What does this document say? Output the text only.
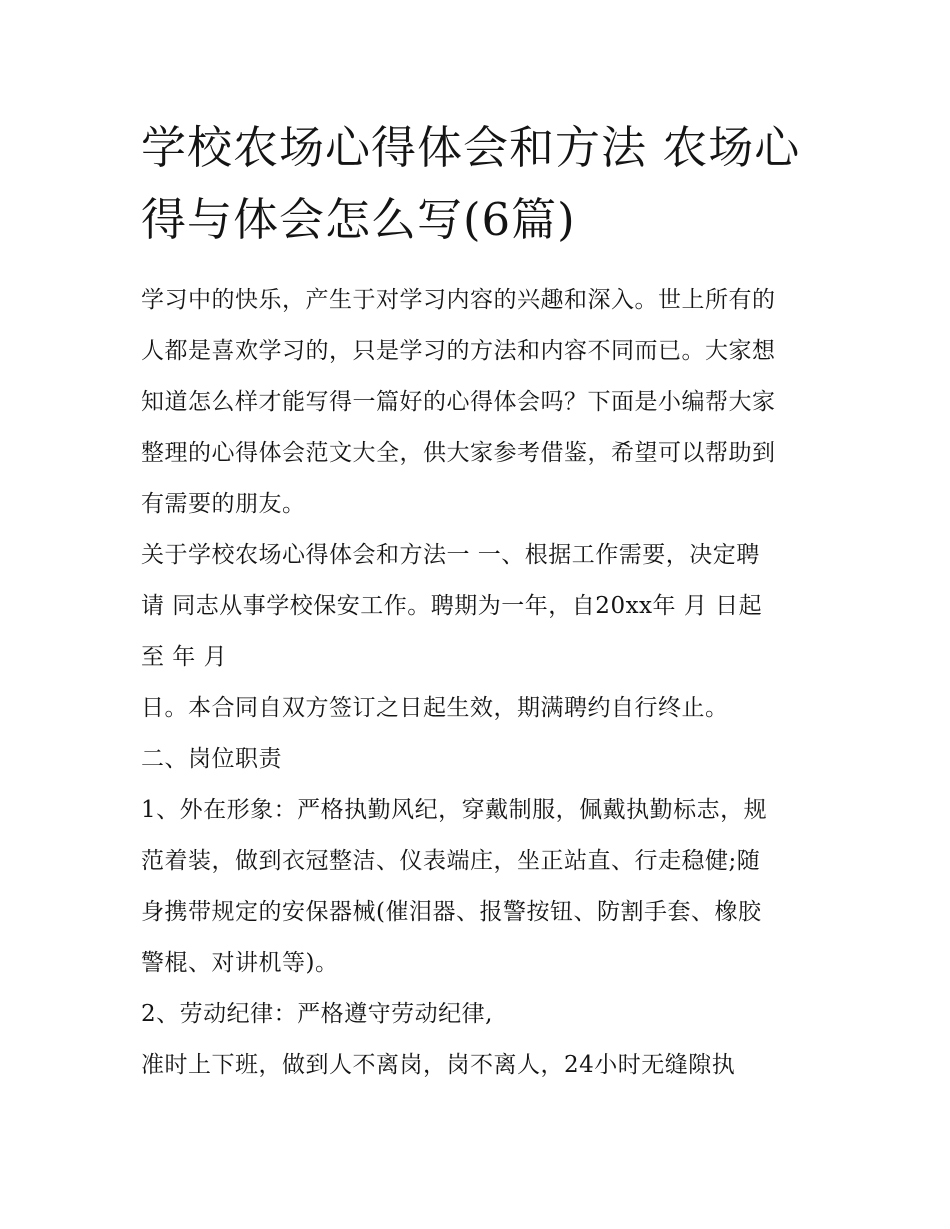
学校农场心得体会和方法 农场心得与体会怎么写(6篇)

学习中的快乐，产生于对学习内容的兴趣和深入。世上所有的

人都是喜欢学习的，只是学习的方法和内容不同而已。大家想

知道怎么样才能写得一篇好的心得体会吗？下面是小编帮大家

整理的心得体会范文大全，供大家参考借鉴，希望可以帮助到

有需要的朋友。

关于学校农场心得体会和方法一 一、根据工作需要，决定聘

请 同志从事学校保安工作。聘期为一年，自20xx年 月 日起

至 年 月

日。本合同自双方签订之日起生效，期满聘约自行终止。

二、岗位职责

1、外在形象：严格执勤风纪，穿戴制服，佩戴执勤标志，规

范着装，做到衣冠整洁、仪表端庄，坐正站直、行走稳健;随

身携带规定的安保器械(催泪器、报警按钮、防割手套、橡胶

警棍、对讲机等)。

2、劳动纪律：严格遵守劳动纪律,

准时上下班，做到人不离岗，岗不离人，24小时无缝隙执
